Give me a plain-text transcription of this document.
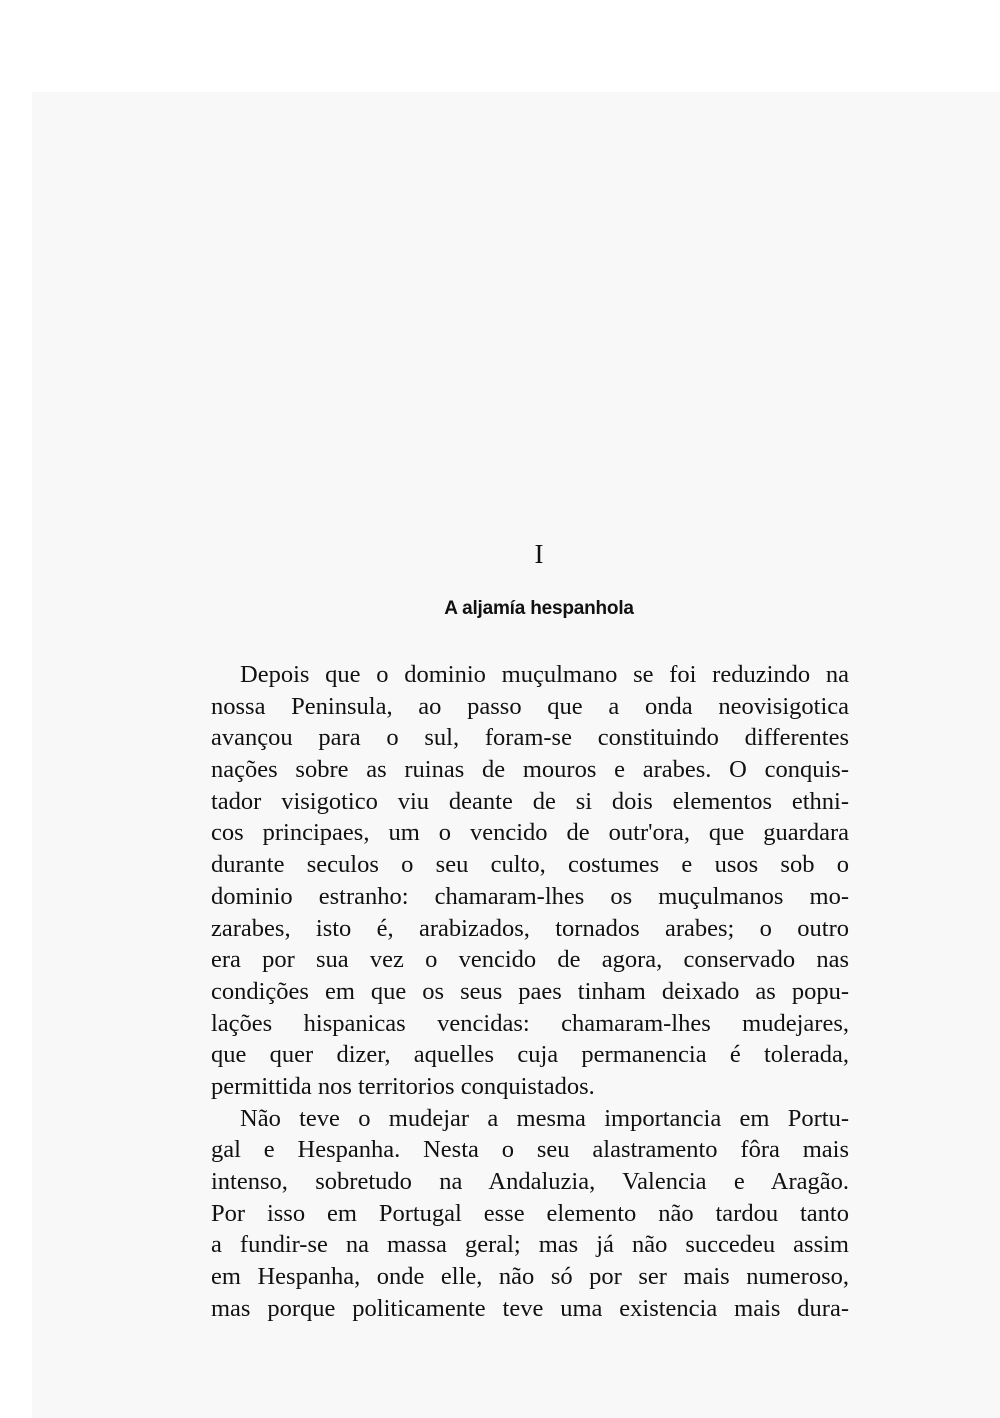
I
A aljamía hespanhola
Depois que o dominio muçulmano se foi reduzindo na
nossa Peninsula, ao passo que a onda neovisigotica
avançou para o sul, foram-se constituindo differentes
nações sobre as ruinas de mouros e arabes. O conquis-
tador visigotico viu deante de si dois elementos ethni-
cos principaes, um o vencido de outr'ora, que guardara
durante seculos o seu culto, costumes e usos sob o
dominio estranho: chamaram-lhes os muçulmanos mo-
zarabes, isto é, arabizados, tornados arabes; o outro
era por sua vez o vencido de agora, conservado nas
condições em que os seus paes tinham deixado as popu-
lações hispanicas vencidas: chamaram-lhes mudejares,
que quer dizer, aquelles cuja permanencia é tolerada,
permittida nos territorios conquistados.
Não teve o mudejar a mesma importancia em Portu-
gal e Hespanha. Nesta o seu alastramento fôra mais
intenso, sobretudo na Andaluzia, Valencia e Aragão.
Por isso em Portugal esse elemento não tardou tanto
a fundir-se na massa geral; mas já não succedeu assim
em Hespanha, onde elle, não só por ser mais numeroso,
mas porque politicamente teve uma existencia mais dura-
